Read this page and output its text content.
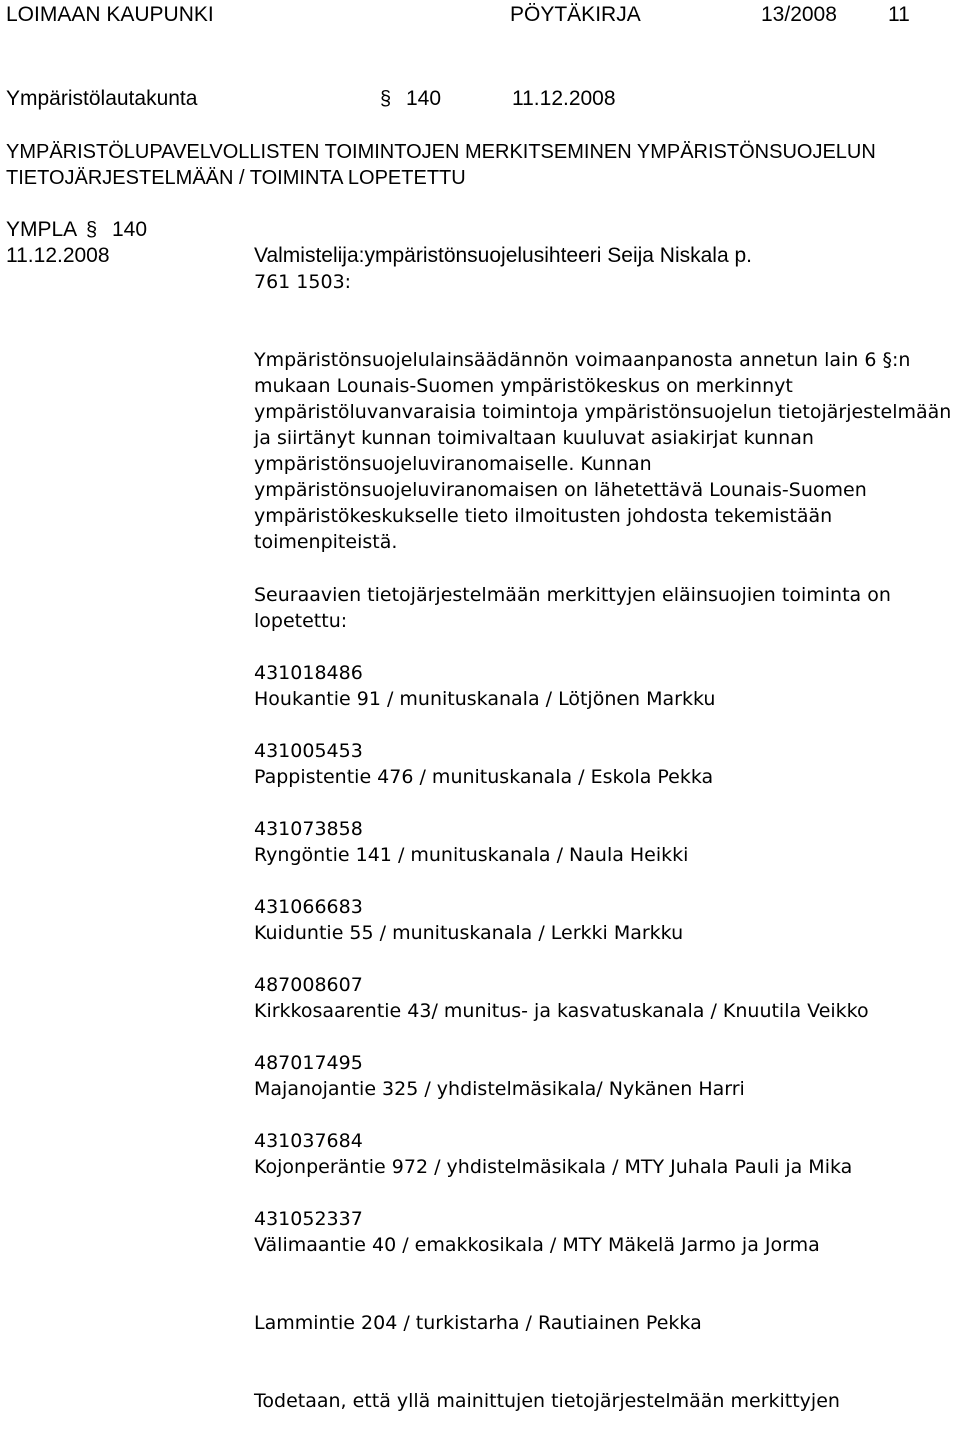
LOIMAAN KAUPUNKI	PÖYTÄKIRJA	13/2008 11
Ympäristölautakunta	§ 140	11.12.2008
YMPÄRISTÖLUPAVELVOLLISTEN TOIMINTOJEN MERKITSEMINEN YMPÄRISTÖNSUOJELUN
TIETOJÄRJESTELMÄÄN / TOIMINTA LOPETETTU
YMPLA § 140
11.12.2008	Valmistelija:ympäristönsuojelusihteeri Seija Niskala p.
761 1503:
Ympäristönsuojelulainsäädännön voimaanpanosta annetun lain 6 §:n mukaan Lounais-Suomen ympäristökeskus on merkinnyt ympäristöluvanvaraisia toimintoja ympäristönsuojelun tietojärjestelmään ja siirtänyt kunnan toimivaltaan kuuluvat asiakirjat kunnan ympäristönsuojeluviranomaiselle. Kunnan ympäristönsuojeluviranomaisen on lähetettävä Lounais-Suomen ympäristökeskukselle tieto ilmoitusten johdosta tekemistään toimenpiteistä.
Seuraavien tietojärjestelmään merkittyjen eläinsuojien toiminta on lopetettu:
431018486
Houkantie 91 / munituskanala / Lötjönen Markku
431005453
Pappistentie 476 / munituskanala / Eskola Pekka
431073858
Ryngöntie 141 / munituskanala / Naula Heikki
431066683
Kuiduntie 55 / munituskanala / Lerkki Markku
487008607
Kirkkosaarentie 43/ munitus- ja kasvatuskanala / Knuutila Veikko
487017495
Majanojantie 325 / yhdistelmäsikala/ Nykänen Harri
431037684
Kojonperäntie 972 / yhdistelmäsikala / MTY Juhala Pauli ja Mika
431052337
Välimaantie 40 / emakkosikala / MTY Mäkelä Jarmo ja Jorma
Lammintie 204 / turkistarha / Rautiainen Pekka
Todetaan, että yllä mainittujen tietojärjestelmään merkittyjen
